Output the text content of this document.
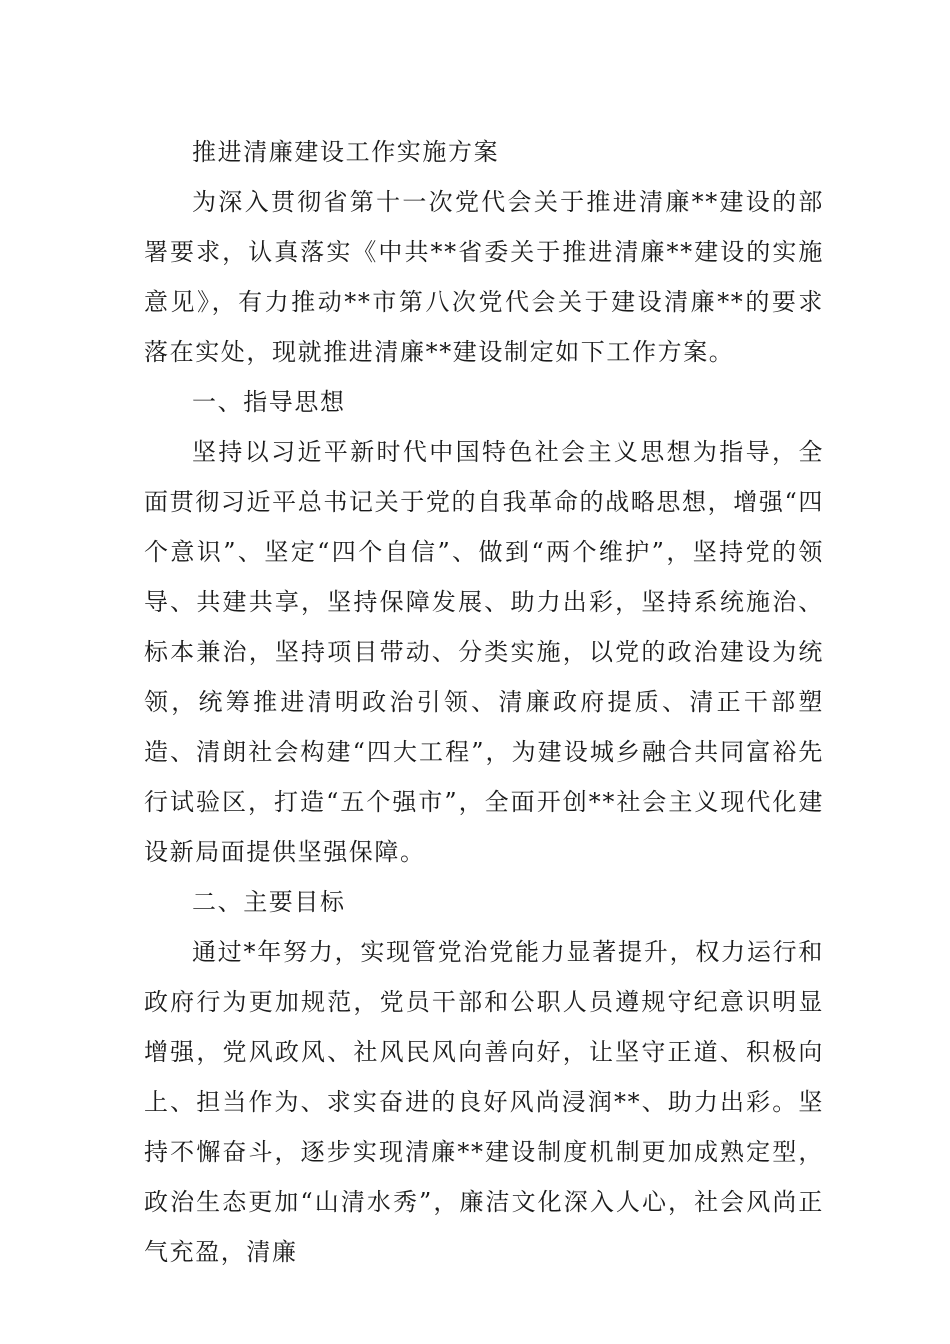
推进清廉建设工作实施方案

为深入贯彻省第十一次党代会关于推进清廉**建设的部署要求，认真落实《中共**省委关于推进清廉**建设的实施意见》，有力推动**市第八次党代会关于建设清廉**的要求落在实处，现就推进清廉**建设制定如下工作方案。

一、指导思想

坚持以习近平新时代中国特色社会主义思想为指导，全面贯彻习近平总书记关于党的自我革命的战略思想，增强“四个意识”、坚定“四个自信”、做到“两个维护”，坚持党的领导、共建共享，坚持保障发展、助力出彩，坚持系统施治、标本兼治，坚持项目带动、分类实施，以党的政治建设为统领，统筹推进清明政治引领、清廉政府提质、清正干部塑造、清朗社会构建“四大工程”，为建设城乡融合共同富裕先行试验区，打造“五个强市”，全面开创**社会主义现代化建设新局面提供坚强保障。

二、主要目标

通过*年努力，实现管党治党能力显著提升，权力运行和政府行为更加规范，党员干部和公职人员遵规守纪意识明显增强，党风政风、社风民风向善向好，让坚守正道、积极向上、担当作为、求实奋进的良好风尚浸润**、助力出彩。坚持不懈奋斗，逐步实现清廉**建设制度机制更加成熟定型，政治生态更加“山清水秀”，廉洁文化深入人心，社会风尚正气充盈，清廉
